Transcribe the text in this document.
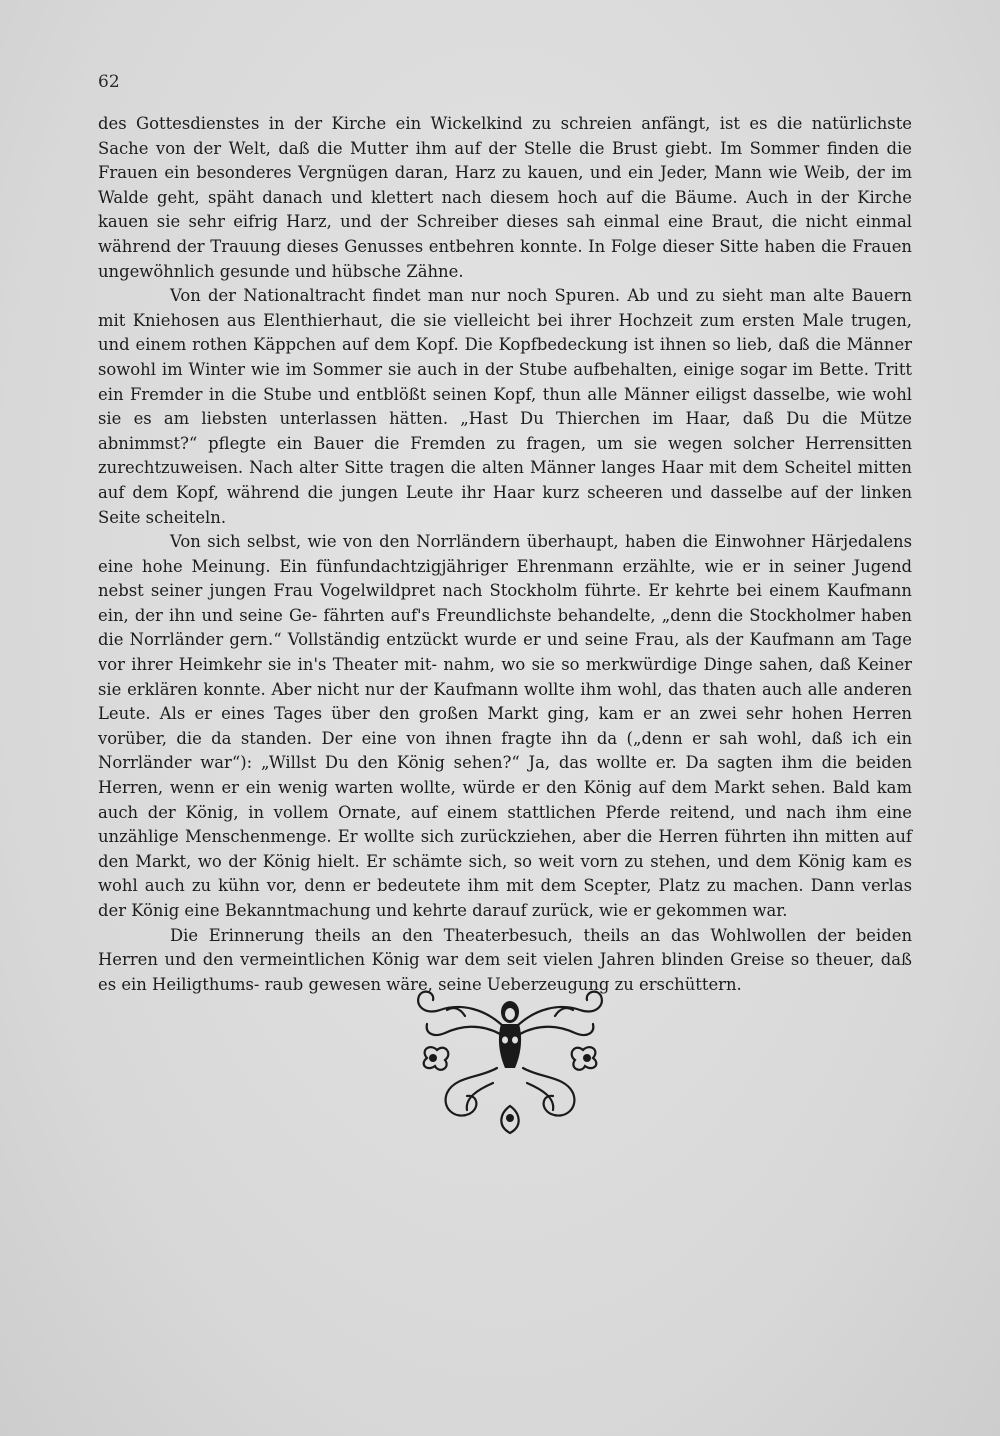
62

des Gottesdienstes in der Kirche ein Wickelkind zu schreien anfängt, ist es die natürlichste Sache von der Welt, daß die Mutter ihm auf der Stelle die Brust giebt. Im Sommer finden die Frauen ein besonderes Vergnügen daran, Harz zu kauen, und ein Jeder, Mann wie Weib, der im Walde geht, späht danach und klettert nach diesem hoch auf die Bäume. Auch in der Kirche kauen sie sehr eifrig Harz, und der Schreiber dieses sah einmal eine Braut, die nicht einmal während der Trauung dieses Genusses entbehren konnte. In Folge dieser Sitte haben die Frauen ungewöhnlich gesunde und hübsche Zähne.

Von der Nationaltracht findet man nur noch Spuren. Ab und zu sieht man alte Bauern mit Kniehosen aus Elenthierhaut, die sie vielleicht bei ihrer Hochzeit zum ersten Male trugen, und einem rothen Käppchen auf dem Kopf. Die Kopfbedeckung ist ihnen so lieb, daß die Männer sowohl im Winter wie im Sommer sie auch in der Stube aufbehalten, einige sogar im Bette. Tritt ein Fremder in die Stube und entblößt seinen Kopf, thun alle Männer eiligst dasselbe, wie wohl sie es am liebsten unterlassen hätten. „Hast Du Thierchen im Haar, daß Du die Mütze abnimmst?“ pflegte ein Bauer die Fremden zu fragen, um sie wegen solcher Herrensitten zurechtzuweisen. Nach alter Sitte tragen die alten Männer langes Haar mit dem Scheitel mitten auf dem Kopf, während die jungen Leute ihr Haar kurz scheeren und dasselbe auf der linken Seite scheiteln.

Von sich selbst, wie von den Norrländern überhaupt, haben die Einwohner Härjedalens eine hohe Meinung. Ein fünfundachtzigjähriger Ehrenmann erzählte, wie er in seiner Jugend nebst seiner jungen Frau Vogelwildpret nach Stockholm führte. Er kehrte bei einem Kaufmann ein, der ihn und seine Ge- fährten auf's Freundlichste behandelte, „denn die Stockholmer haben die Norrländer gern.“ Vollständig entzückt wurde er und seine Frau, als der Kaufmann am Tage vor ihrer Heimkehr sie in's Theater mit- nahm, wo sie so merkwürdige Dinge sahen, daß Keiner sie erklären konnte. Aber nicht nur der Kaufmann wollte ihm wohl, das thaten auch alle anderen Leute. Als er eines Tages über den großen Markt ging, kam er an zwei sehr hohen Herren vorüber, die da standen. Der eine von ihnen fragte ihn da („denn er sah wohl, daß ich ein Norrländer war“): „Willst Du den König sehen?“ Ja, das wollte er. Da sagten ihm die beiden Herren, wenn er ein wenig warten wollte, würde er den König auf dem Markt sehen. Bald kam auch der König, in vollem Ornate, auf einem stattlichen Pferde reitend, und nach ihm eine unzählige Menschenmenge. Er wollte sich zurückziehen, aber die Herren führten ihn mitten auf den Markt, wo der König hielt. Er schämte sich, so weit vorn zu stehen, und dem König kam es wohl auch zu kühn vor, denn er bedeutete ihm mit dem Scepter, Platz zu machen. Dann verlas der König eine Bekanntmachung und kehrte darauf zurück, wie er gekommen war.

Die Erinnerung theils an den Theaterbesuch, theils an das Wohlwollen der beiden Herren und den vermeintlichen König war dem seit vielen Jahren blinden Greise so theuer, daß es ein Heiligthums- raub gewesen wäre, seine Ueberzeugung zu erschüttern.
